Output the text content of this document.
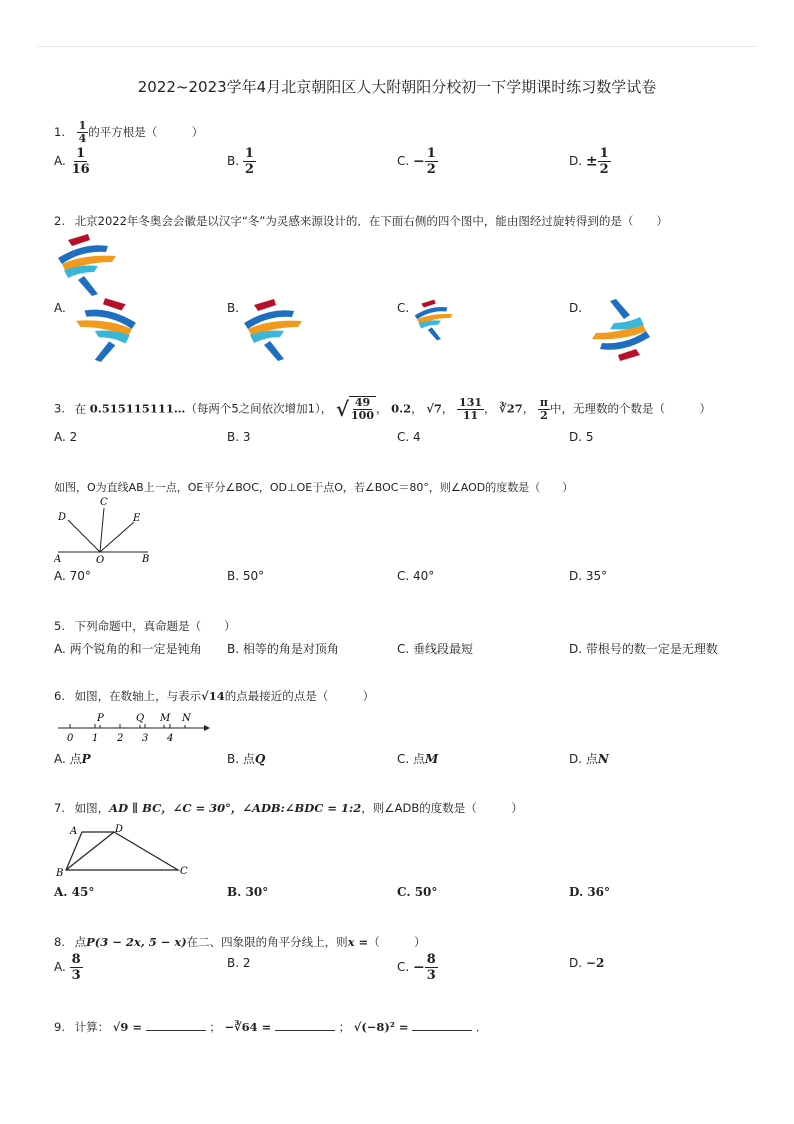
2022~2023学年4月北京朝阳区人大附朝阳分校初一下学期课时练习数学试卷
1. $\frac{1}{4}$ 的平方根是（　　　）
A. $\frac{1}{16}$	B. $\frac{1}{2}$	C. − $\frac{1}{2}$	D. ± $\frac{1}{2}$
2. 北京2022年冬奥会会徽是以汉字“冬”为灵感来源设计的．在下面右侧的四个图中，能由图经过旋转得到的是（　　）
A.	B.	C.	D.
3. 在 0.515115111…（每两个5之间依次增加1）， √ $\frac{49}{100}$ ， 0.2， √7， $\frac{131}{11}$ ， ∛27， $\frac{\pi}{2}$ 中，无理数的个数是（　　　）
A. 2	B. 3	C. 4	D. 5
如图，O为直线AB上一点，OE平分∠BOC，OD⊥OE于点O，若∠BOC＝80°，则∠AOD的度数是（　　）
A	B
C
D	E
O
A. 70°	B. 50°	C. 40°	D. 35°
5. 下列命题中，真命题是（　　）
A. 两个锐角的和一定是钝角 B. 相等的角是对顶角	C. 垂线段最短	D. 带根号的数一定是无理数
6. 如图，在数轴上，与表示√14的点最接近的点是（　　　）
0 1 2 3 4
P	Q M N
A. 点P	B. 点Q	C. 点M	D. 点N
7. 如图，AD ∥ BC，∠C = 30°，∠ADB:∠BDC = 1:2，则∠ADB的度数是（　　　）
A
B	C
D
A. 45°	B. 30°	C. 50°	D. 36°
8. 点P(3 − 2x, 5 − x)在二、四象限的角平分线上，则x =（　　　）
A. $\frac{8}{3}$	B. 2	C. − $\frac{8}{3}$	D. −2
9. 计算： √9 =	； −∛64 =	； √(−8)² =	．
